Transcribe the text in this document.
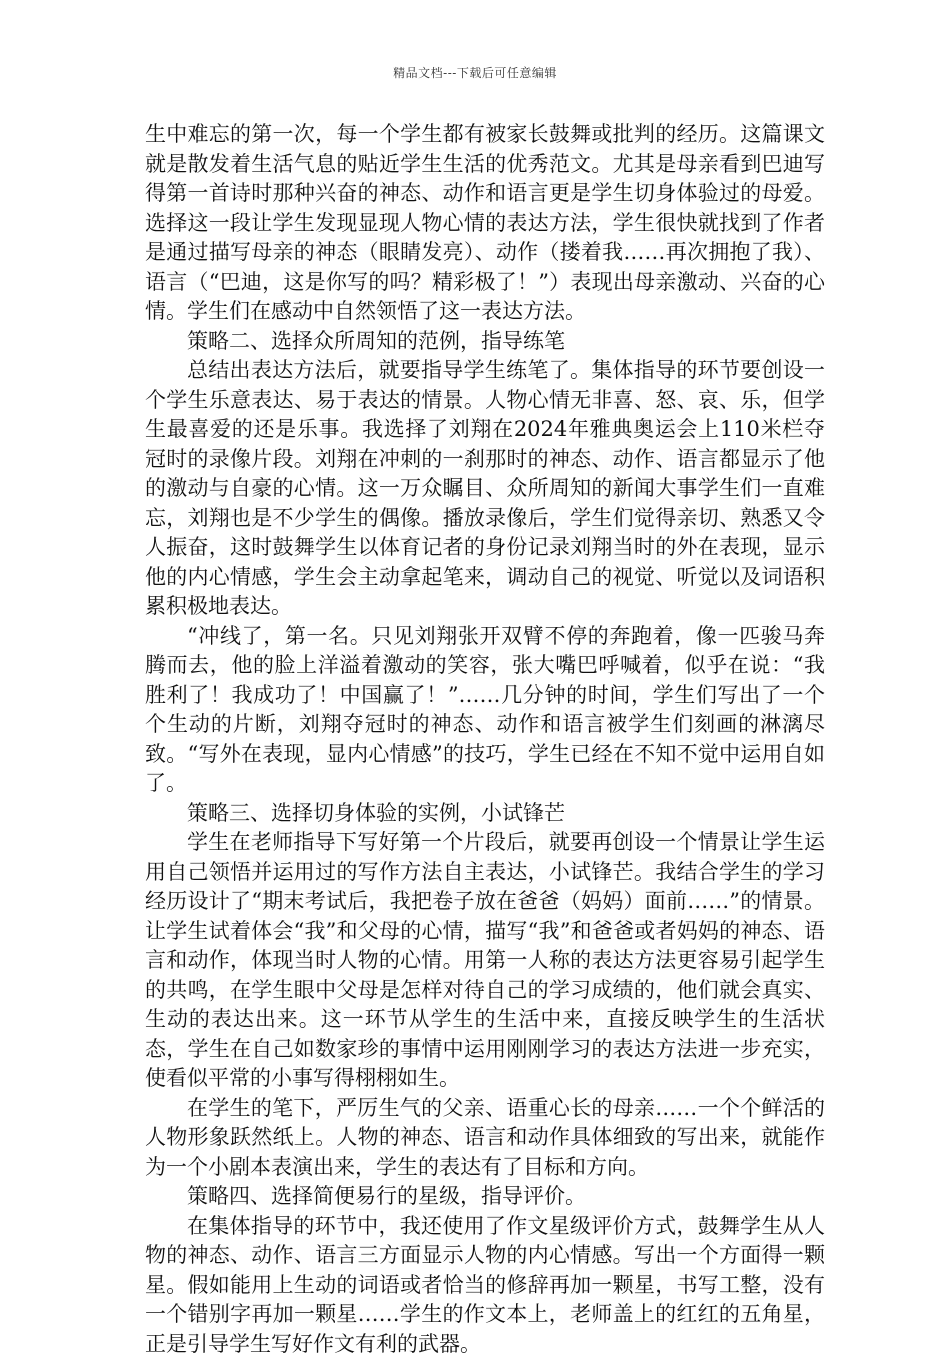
精品文档---下载后可任意编辑

生中难忘的第一次，每一个学生都有被家长鼓舞或批判的经历。这篇课文就是散发着生活气息的贴近学生生活的优秀范文。尤其是母亲看到巴迪写得第一首诗时那种兴奋的神态、动作和语言更是学生切身体验过的母爱。选择这一段让学生发现显现人物心情的表达方法，学生很快就找到了作者是通过描写母亲的神态（眼睛发亮）、动作（搂着我……再次拥抱了我）、语言（“巴迪，这是你写的吗？精彩极了！”）表现出母亲激动、兴奋的心情。学生们在感动中自然领悟了这一表达方法。

策略二、选择众所周知的范例，指导练笔

总结出表达方法后，就要指导学生练笔了。集体指导的环节要创设一个学生乐意表达、易于表达的情景。人物心情无非喜、怒、哀、乐，但学生最喜爱的还是乐事。我选择了刘翔在2024年雅典奥运会上110米栏夺冠时的录像片段。刘翔在冲刺的一刹那时的神态、动作、语言都显示了他的激动与自豪的心情。这一万众瞩目、众所周知的新闻大事学生们一直难忘，刘翔也是不少学生的偶像。播放录像后，学生们觉得亲切、熟悉又令人振奋，这时鼓舞学生以体育记者的身份记录刘翔当时的外在表现，显示他的内心情感，学生会主动拿起笔来，调动自己的视觉、听觉以及词语积累积极地表达。

“冲线了，第一名。只见刘翔张开双臂不停的奔跑着，像一匹骏马奔腾而去，他的脸上洋溢着激动的笑容，张大嘴巴呼喊着，似乎在说：“我胜利了！我成功了！中国赢了！”……几分钟的时间，学生们写出了一个个生动的片断，刘翔夺冠时的神态、动作和语言被学生们刻画的淋漓尽致。“写外在表现，显内心情感”的技巧，学生已经在不知不觉中运用自如了。

策略三、选择切身体验的实例，小试锋芒

学生在老师指导下写好第一个片段后，就要再创设一个情景让学生运用自己领悟并运用过的写作方法自主表达，小试锋芒。我结合学生的学习经历设计了“期末考试后，我把卷子放在爸爸（妈妈）面前……”的情景。让学生试着体会“我”和父母的心情，描写“我”和爸爸或者妈妈的神态、语言和动作，体现当时人物的心情。用第一人称的表达方法更容易引起学生的共鸣，在学生眼中父母是怎样对待自己的学习成绩的，他们就会真实、生动的表达出来。这一环节从学生的生活中来，直接反映学生的生活状态，学生在自己如数家珍的事情中运用刚刚学习的表达方法进一步充实，使看似平常的小事写得栩栩如生。

在学生的笔下，严厉生气的父亲、语重心长的母亲……一个个鲜活的人物形象跃然纸上。人物的神态、语言和动作具体细致的写出来，就能作为一个小剧本表演出来，学生的表达有了目标和方向。

策略四、选择简便易行的星级，指导评价。

在集体指导的环节中，我还使用了作文星级评价方式，鼓舞学生从人物的神态、动作、语言三方面显示人物的内心情感。写出一个方面得一颗星。假如能用上生动的词语或者恰当的修辞再加一颗星，书写工整，没有一个错别字再加一颗星……学生的作文本上，老师盖上的红红的五角星，正是引导学生写好作文有利的武器。
